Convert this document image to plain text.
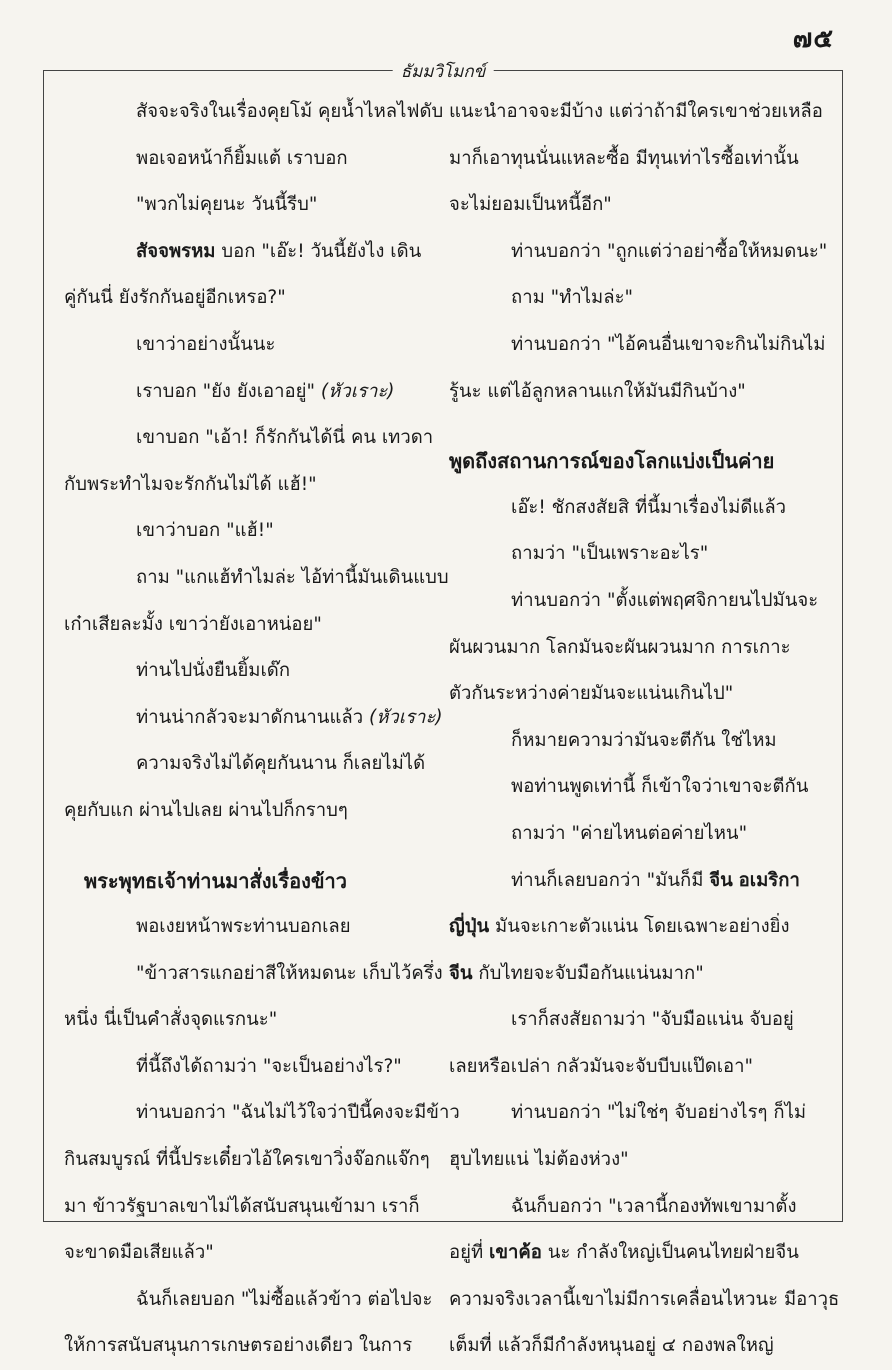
๗๕
ธัมมวิโมกข์
สัจจะจริงในเรื่องคุยโม้ คุยน้ำไหลไฟดับ
พอเจอหน้าก็ยิ้มแต้ เราบอก
"พวกไม่คุยนะ วันนี้รีบ"
สัจจพรหม บอก "เอ๊ะ! วันนี้ยังไง เดิน
คู่กันนี่ ยังรักกันอยู่อีกเหรอ?"
เขาว่าอย่างนั้นนะ
เราบอก "ยัง ยังเอาอยู่" (หัวเราะ)
เขาบอก "เอ้า! ก็รักกันได้นี่ คน เทวดา
กับพระทำไมจะรักกันไม่ได้ แฮ้!"
เขาว่าบอก "แฮ้!"
ถาม "แกแฮ้ทำไมล่ะ ไอ้ท่านี้มันเดินแบบ
เก๋าเสียละมั้ง เขาว่ายังเอาหน่อย"
ท่านไปนั่งยืนยิ้มเด๊ก
ท่านน่ากลัวจะมาดักนานแล้ว (หัวเราะ)
ความจริงไม่ได้คุยกันนาน ก็เลยไม่ได้
คุยกับแก ผ่านไปเลย ผ่านไปก็กราบๆ
พระพุทธเจ้าท่านมาสั่งเรื่องข้าว
พอเงยหน้าพระท่านบอกเลย
"ข้าวสารแกอย่าสีให้หมดนะ เก็บไว้ครึ่ง
หนึ่ง นี่เป็นคำสั่งจุดแรกนะ"
ที่นี้ถึงได้ถามว่า "จะเป็นอย่างไร?"
ท่านบอกว่า "ฉันไม่ไว้ใจว่าปีนี้คงจะมีข้าว
กินสมบูรณ์ ที่นี้ประเดี๋ยวไอ้ใครเขาวิ่งจ๊อกแจ๊กๆ
มา ข้าวรัฐบาลเขาไม่ได้สนับสนุนเข้ามา เราก็
จะขาดมือเสียแล้ว"
ฉันก็เลยบอก "ไม่ซื้อแล้วข้าว ต่อไปจะ
ให้การสนับสนุนการเกษตรอย่างเดียว ในการ
แนะนำอาจจะมีบ้าง แต่ว่าถ้ามีใครเขาช่วยเหลือ
มาก็เอาทุนนั่นแหละซื้อ มีทุนเท่าไรซื้อเท่านั้น
จะไม่ยอมเป็นหนี้อีก"
ท่านบอกว่า "ถูกแต่ว่าอย่าซื้อให้หมดนะ"
ถาม "ทำไมล่ะ"
ท่านบอกว่า "ไอ้คนอื่นเขาจะกินไม่กินไม่
รู้นะ แต่ไอ้ลูกหลานแกให้มันมีกินบ้าง"
พูดถึงสถานการณ์ของโลกแบ่งเป็นค่าย
เอ๊ะ! ชักสงสัยสิ ที่นี้มาเรื่องไม่ดีแล้ว
ถามว่า "เป็นเพราะอะไร"
ท่านบอกว่า "ตั้งแต่พฤศจิกายนไปมันจะ
ผันผวนมาก โลกมันจะผันผวนมาก การเกาะ
ตัวกันระหว่างค่ายมันจะแน่นเกินไป"
ก็หมายความว่ามันจะตีกัน ใช่ไหม
พอท่านพูดเท่านี้ ก็เข้าใจว่าเขาจะตีกัน
ถามว่า "ค่ายไหนต่อค่ายไหน"
ท่านก็เลยบอกว่า "มันก็มี จีน อเมริกา
ญี่ปุ่น มันจะเกาะตัวแน่น โดยเฉพาะอย่างยิ่ง
จีน กับไทยจะจับมือกันแน่นมาก"
เราก็สงสัยถามว่า "จับมือแน่น จับอยู่
เลยหรือเปล่า กลัวมันจะจับบีบแป๊ดเอา"
ท่านบอกว่า "ไม่ใช่ๆ จับอย่างไรๆ ก็ไม่
ฮุบไทยแน่ ไม่ต้องห่วง"
ฉันก็บอกว่า "เวลานี้กองทัพเขามาตั้ง
อยู่ที่ เขาค้อ นะ กำลังใหญ่เป็นคนไทยฝ่ายจีน
ความจริงเวลานี้เขาไม่มีการเคลื่อนไหวนะ มีอาวุธ
เต็มที่ แล้วก็มีกำลังหนุนอยู่ ๔ กองพลใหญ่
